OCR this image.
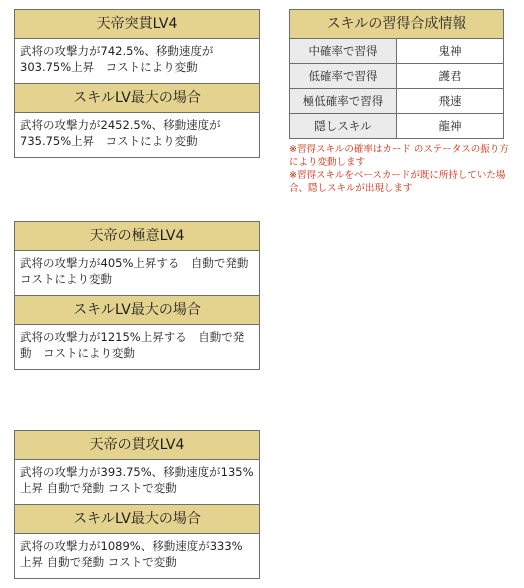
天帝突貫LV4
武将の攻撃力が742.5%、移動速度が303.75%上昇　コストにより変動
スキルLV最大の場合
武将の攻撃力が2452.5%、移動速度が735.75%上昇　コストにより変動
天帝の極意LV4
武将の攻撃力が405%上昇する　自動で発動　コストにより変動
スキルLV最大の場合
武将の攻撃力が1215%上昇する　自動で発動　コストにより変動
天帝の貫攻LV4
武将の攻撃力が393.75%、移動速度が135%上昇 自動で発動 コストで変動
スキルLV最大の場合
武将の攻撃力が1089%、移動速度が333%上昇 自動で発動 コストで変動
スキルの習得合成情報	
中確率で習得	鬼神
低確率で習得	護君
極低確率で習得	飛速
隠しスキル	龍神

※習得スキルの確率はカード のステータスの振り方により変動します

※習得スキルをベースカードが既に所持していた場合、隠しスキルが出現します
